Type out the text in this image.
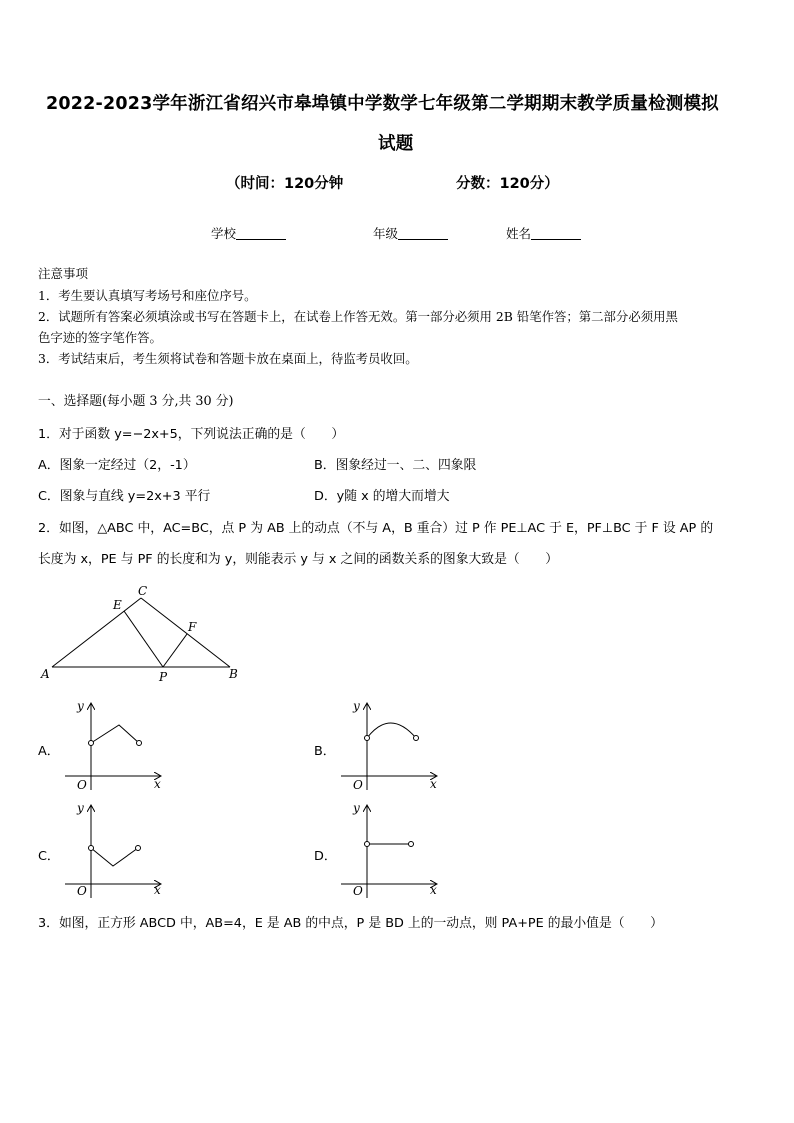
2022-2023学年浙江省绍兴市皋埠镇中学数学七年级第二学期期末教学质量检测模拟
试题
（时间：120分钟	分数：120分）
学校	年级	姓名
注意事项
1．考生要认真填写考场号和座位序号。
2．试题所有答案必须填涂或书写在答题卡上，在试卷上作答无效。第一部分必须用 2B 铅笔作答；第二部分必须用黑
色字迹的签字笔作答。
3．考试结束后，考生须将试卷和答题卡放在桌面上，待监考员收回。
一、选择题(每小题 3 分,共 30 分)
1．对于函数 y=−2x+5，下列说法正确的是（　　）
A．图象一定经过（2，-1）	B．图象经过一、二、四象限
C．图象与直线 y=2x+3 平行	D．y随 x 的增大而增大
2．如图，△ABC 中，AC=BC，点 P 为 AB 上的动点（不与 A，B 重合）过 P 作 PE⊥AC 于 E，PF⊥BC 于 F 设 AP 的
长度为 x，PE 与 PF 的长度和为 y，则能表示 y 与 x 之间的函数关系的图象大致是（　　）
C
E
F
A	P	B
A．	B．
C．	D．
y
O	x
y
O	x
y
O	x
y
O	x
3．如图，正方形 ABCD 中，AB=4，E 是 AB 的中点，P 是 BD 上的一动点，则 PA+PE 的最小值是（　　）
